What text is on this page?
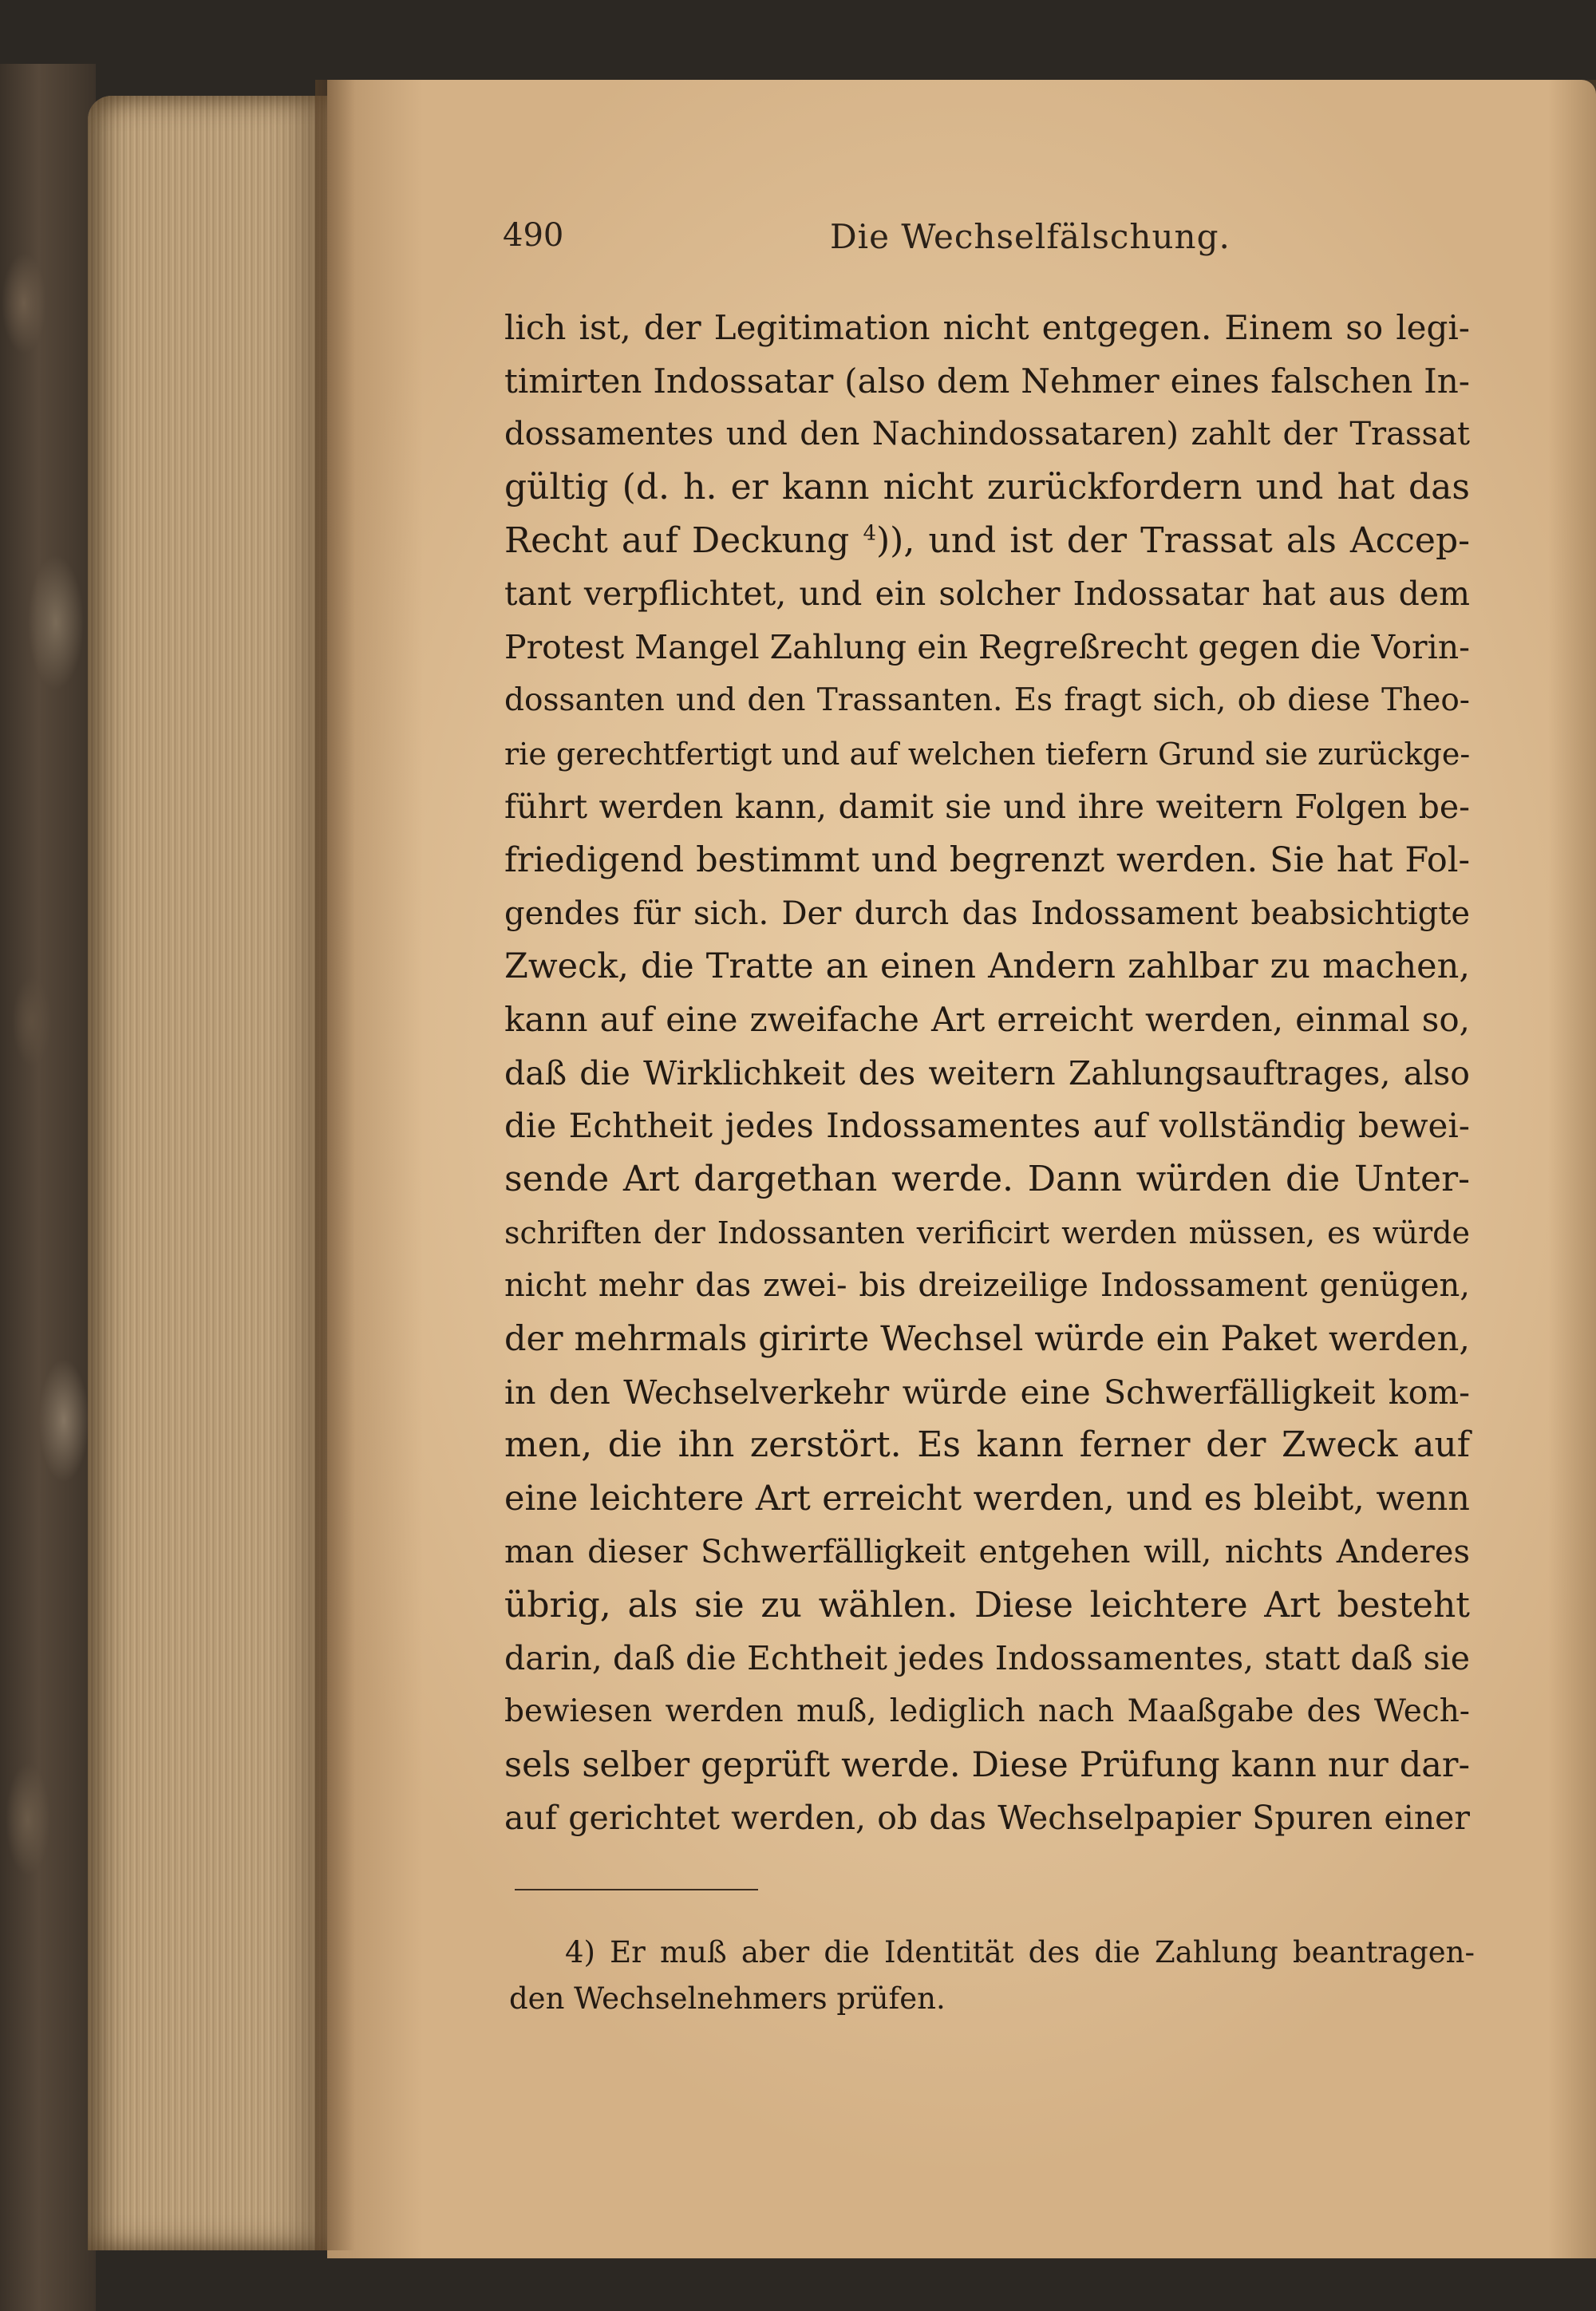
490	Die Wechselfälschung.
lich ist, der Legitimation nicht entgegen. Einem so legi-
timirten Indossatar (also dem Nehmer eines falschen In-
dossamentes und den Nachindossataren) zahlt der Trassat
gültig (d. h. er kann nicht zurückfordern und hat das
Recht auf Deckung $^4$)), und ist der Trassat als Accep-
tant verpflichtet, und ein solcher Indossatar hat aus dem
Protest Mangel Zahlung ein Regreßrecht gegen die Vorin-
dossanten und den Trassanten. Es fragt sich, ob diese Theo-
rie gerechtfertigt und auf welchen tiefern Grund sie zurückge-
führt werden kann, damit sie und ihre weitern Folgen be-
friedigend bestimmt und begrenzt werden. Sie hat Fol-
gendes für sich. Der durch das Indossament beabsichtigte
Zweck, die Tratte an einen Andern zahlbar zu machen,
kann auf eine zweifache Art erreicht werden, einmal so,
daß die Wirklichkeit des weitern Zahlungsauftrages, also
die Echtheit jedes Indossamentes auf vollständig bewei-
sende Art dargethan werde. Dann würden die Unter-
schriften der Indossanten verificirt werden müssen, es würde
nicht mehr das zwei- bis dreizeilige Indossament genügen,
der mehrmals girirte Wechsel würde ein Paket werden,
in den Wechselverkehr würde eine Schwerfälligkeit kom-
men, die ihn zerstört. Es kann ferner der Zweck auf
eine leichtere Art erreicht werden, und es bleibt, wenn
man dieser Schwerfälligkeit entgehen will, nichts Anderes
übrig, als sie zu wählen. Diese leichtere Art besteht
darin, daß die Echtheit jedes Indossamentes, statt daß sie
bewiesen werden muß, lediglich nach Maaßgabe des Wech-
sels selber geprüft werde. Diese Prüfung kann nur dar-
auf gerichtet werden, ob das Wechselpapier Spuren einer
4) Er muß aber die Identität des die Zahlung beantragen-
den Wechselnehmers prüfen.
